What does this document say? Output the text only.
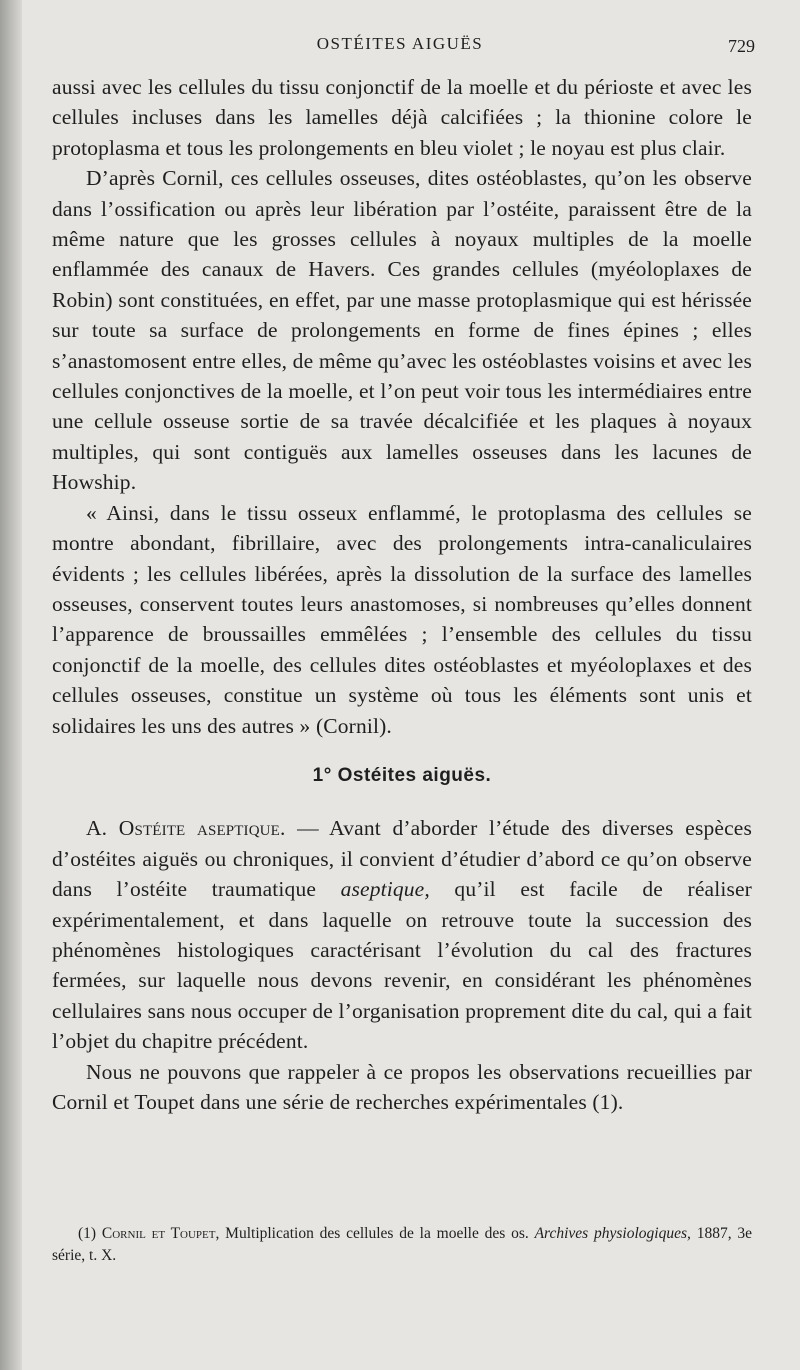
OSTÉITES AIGUËS	729

aussi avec les cellules du tissu conjonctif de la moelle et du périoste et avec les cellules incluses dans les lamelles déjà calcifiées ; la thionine colore le protoplasma et tous les prolongements en bleu violet ; le noyau est plus clair.

D’après Cornil, ces cellules osseuses, dites ostéoblastes, qu’on les observe dans l’ossification ou après leur libération par l’ostéite, paraissent être de la même nature que les grosses cellules à noyaux multiples de la moelle enflammée des canaux de Havers. Ces grandes cellules (myéoloplaxes de Robin) sont constituées, en effet, par une masse protoplasmique qui est hérissée sur toute sa surface de prolongements en forme de fines épines ; elles s’anastomosent entre elles, de même qu’avec les ostéoblastes voisins et avec les cellules conjonctives de la moelle, et l’on peut voir tous les intermédiaires entre une cellule osseuse sortie de sa travée décalcifiée et les plaques à noyaux multiples, qui sont contiguës aux lamelles osseuses dans les lacunes de Howship.

« Ainsi, dans le tissu osseux enflammé, le protoplasma des cellules se montre abondant, fibrillaire, avec des prolongements intra-canaliculaires évidents ; les cellules libérées, après la dissolution de la surface des lamelles osseuses, conservent toutes leurs anastomoses, si nombreuses qu’elles donnent l’apparence de broussailles emmêlées ; l’ensemble des cellules du tissu conjonctif de la moelle, des cellules dites ostéoblastes et myéoloplaxes et des cellules osseuses, constitue un système où tous les éléments sont unis et solidaires les uns des autres » (Cornil).

1° Ostéites aiguës.

A. Ostéite aseptique. — Avant d’aborder l’étude des diverses espèces d’ostéites aiguës ou chroniques, il convient d’étudier d’abord ce qu’on observe dans l’ostéite traumatique aseptique, qu’il est facile de réaliser expérimentalement, et dans laquelle on retrouve toute la succession des phénomènes histologiques caractérisant l’évolution du cal des fractures fermées, sur laquelle nous devons revenir, en considérant les phénomènes cellulaires sans nous occuper de l’organisation proprement dite du cal, qui a fait l’objet du chapitre précédent.

Nous ne pouvons que rappeler à ce propos les observations recueillies par Cornil et Toupet dans une série de recherches expérimentales (1).

(1) Cornil et Toupet, Multiplication des cellules de la moelle des os. Archives physiologiques, 1887, 3e série, t. X.
